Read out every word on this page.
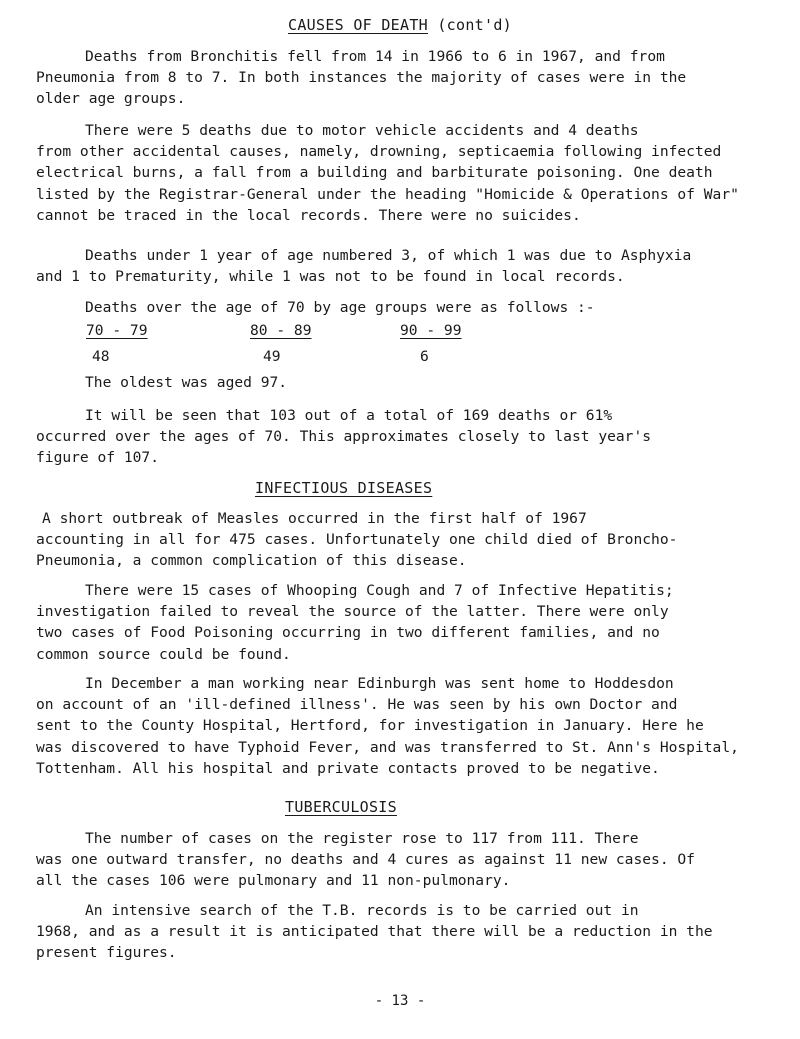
CAUSES OF DEATH (cont'd)
Deaths from Bronchitis fell from 14 in 1966 to 6 in 1967, and from
Pneumonia from 8 to 7. In both instances the majority of cases were in the
older age groups.
There were 5 deaths due to motor vehicle accidents and 4 deaths
from other accidental causes, namely, drowning, septicaemia following infected
electrical burns, a fall from a building and barbiturate poisoning. One death
listed by the Registrar-General under the heading "Homicide & Operations of War"
cannot be traced in the local records. There were no suicides.
Deaths under 1 year of age numbered 3, of which 1 was due to Asphyxia
and 1 to Prematurity, while 1 was not to be found in local records.
Deaths over the age of 70 by age groups were as follows :-
70 - 79	80 - 89	90 - 99
48	49	6
The oldest was aged 97.
It will be seen that 103 out of a total of 169 deaths or 61%
occurred over the ages of 70. This approximates closely to last year's
figure of 107.
INFECTIOUS DISEASES
A short outbreak of Measles occurred in the first half of 1967
accounting in all for 475 cases. Unfortunately one child died of Broncho-
Pneumonia, a common complication of this disease.
There were 15 cases of Whooping Cough and 7 of Infective Hepatitis;
investigation failed to reveal the source of the latter. There were only
two cases of Food Poisoning occurring in two different families, and no
common source could be found.
In December a man working near Edinburgh was sent home to Hoddesdon
on account of an 'ill-defined illness'. He was seen by his own Doctor and
sent to the County Hospital, Hertford, for investigation in January. Here he
was discovered to have Typhoid Fever, and was transferred to St. Ann's Hospital,
Tottenham. All his hospital and private contacts proved to be negative.
TUBERCULOSIS
The number of cases on the register rose to 117 from 111. There
was one outward transfer, no deaths and 4 cures as against 11 new cases. Of
all the cases 106 were pulmonary and 11 non-pulmonary.
An intensive search of the T.B. records is to be carried out in
1968, and as a result it is anticipated that there will be a reduction in the
present figures.
- 13 -
